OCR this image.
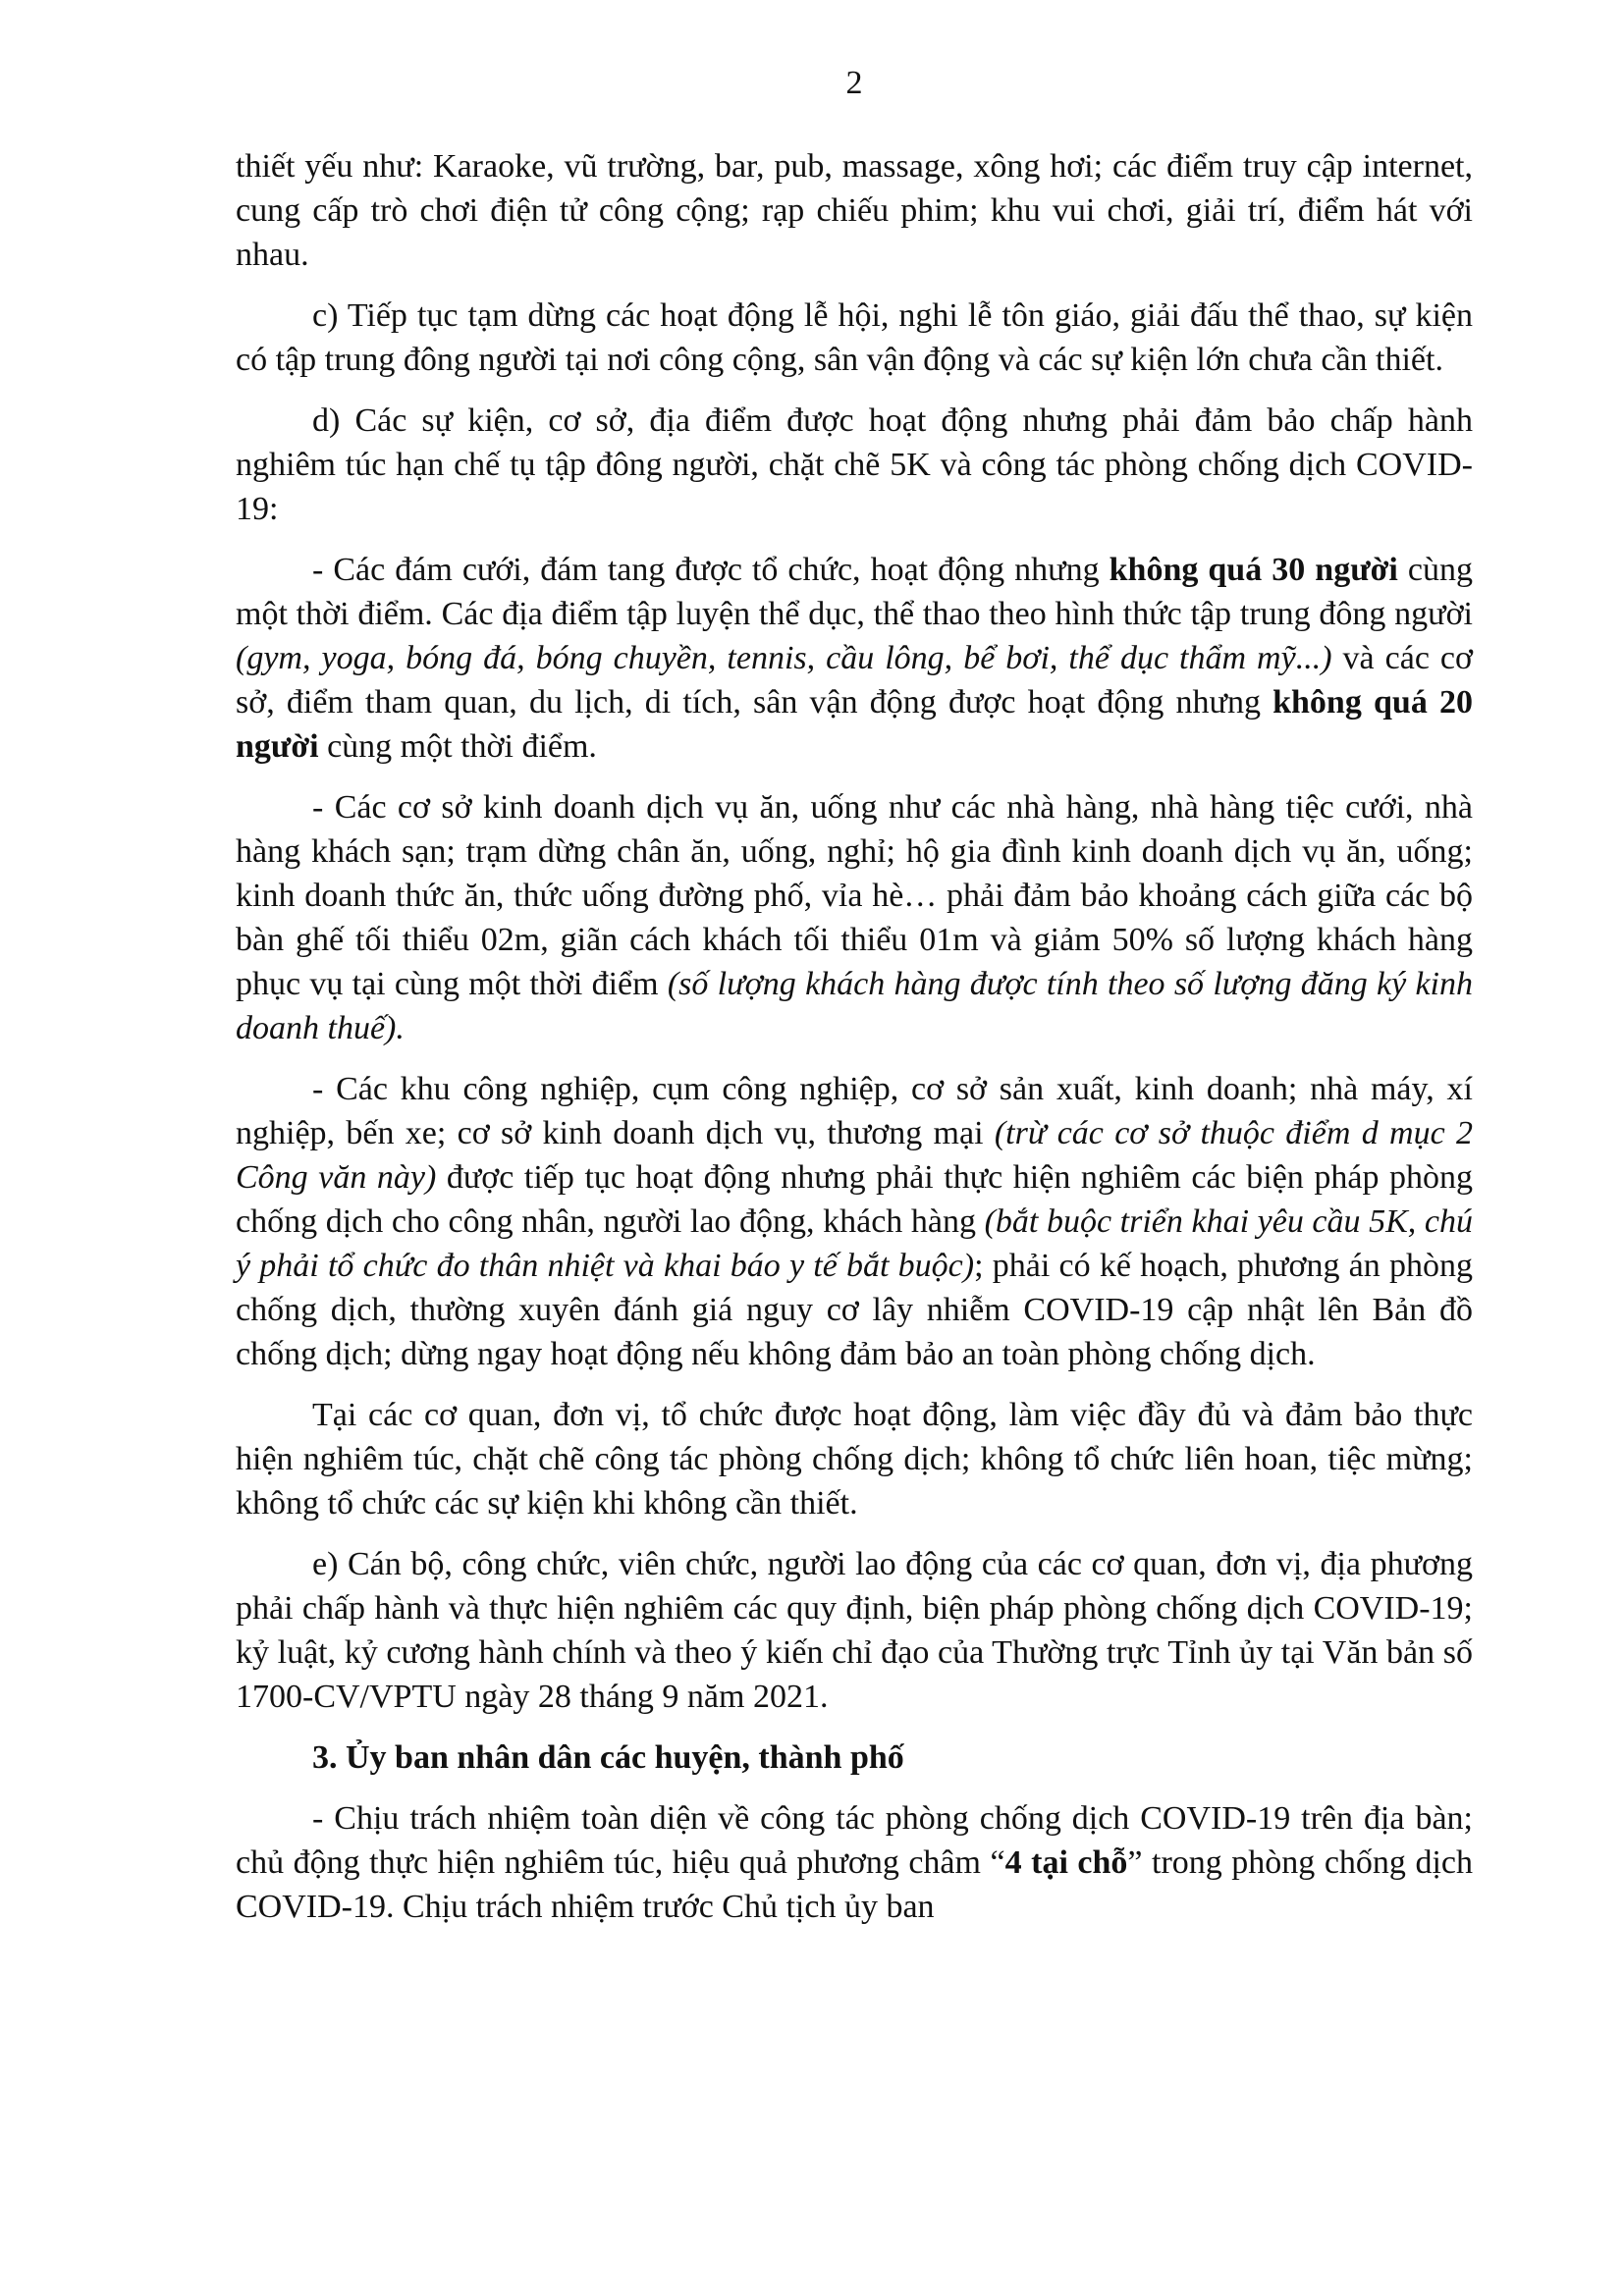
2

thiết yếu như: Karaoke, vũ trường, bar, pub, massage, xông hơi; các điểm truy cập internet, cung cấp trò chơi điện tử công cộng; rạp chiếu phim; khu vui chơi, giải trí, điểm hát với nhau.

c) Tiếp tục tạm dừng các hoạt động lễ hội, nghi lễ tôn giáo, giải đấu thể thao, sự kiện có tập trung đông người tại nơi công cộng, sân vận động và các sự kiện lớn chưa cần thiết.

d) Các sự kiện, cơ sở, địa điểm được hoạt động nhưng phải đảm bảo chấp hành nghiêm túc hạn chế tụ tập đông người, chặt chẽ 5K và công tác phòng chống dịch COVID-19:

- Các đám cưới, đám tang được tổ chức, hoạt động nhưng không quá 30 người cùng một thời điểm. Các địa điểm tập luyện thể dục, thể thao theo hình thức tập trung đông người (gym, yoga, bóng đá, bóng chuyền, tennis, cầu lông, bể bơi, thể dục thẩm mỹ...) và các cơ sở, điểm tham quan, du lịch, di tích, sân vận động được hoạt động nhưng không quá 20 người cùng một thời điểm.

- Các cơ sở kinh doanh dịch vụ ăn, uống như các nhà hàng, nhà hàng tiệc cưới, nhà hàng khách sạn; trạm dừng chân ăn, uống, nghỉ; hộ gia đình kinh doanh dịch vụ ăn, uống; kinh doanh thức ăn, thức uống đường phố, vỉa hè… phải đảm bảo khoảng cách giữa các bộ bàn ghế tối thiểu 02m, giãn cách khách tối thiểu 01m và giảm 50% số lượng khách hàng phục vụ tại cùng một thời điểm (số lượng khách hàng được tính theo số lượng đăng ký kinh doanh thuế).

- Các khu công nghiệp, cụm công nghiệp, cơ sở sản xuất, kinh doanh; nhà máy, xí nghiệp, bến xe; cơ sở kinh doanh dịch vụ, thương mại (trừ các cơ sở thuộc điểm d mục 2 Công văn này) được tiếp tục hoạt động nhưng phải thực hiện nghiêm các biện pháp phòng chống dịch cho công nhân, người lao động, khách hàng (bắt buộc triển khai yêu cầu 5K, chú ý phải tổ chức đo thân nhiệt và khai báo y tế bắt buộc); phải có kế hoạch, phương án phòng chống dịch, thường xuyên đánh giá nguy cơ lây nhiễm COVID-19 cập nhật lên Bản đồ chống dịch; dừng ngay hoạt động nếu không đảm bảo an toàn phòng chống dịch.

Tại các cơ quan, đơn vị, tổ chức được hoạt động, làm việc đầy đủ và đảm bảo thực hiện nghiêm túc, chặt chẽ công tác phòng chống dịch; không tổ chức liên hoan, tiệc mừng; không tổ chức các sự kiện khi không cần thiết.

e) Cán bộ, công chức, viên chức, người lao động của các cơ quan, đơn vị, địa phương phải chấp hành và thực hiện nghiêm các quy định, biện pháp phòng chống dịch COVID-19; kỷ luật, kỷ cương hành chính và theo ý kiến chỉ đạo của Thường trực Tỉnh ủy tại Văn bản số 1700-CV/VPTU ngày 28 tháng 9 năm 2021.

3. Ủy ban nhân dân các huyện, thành phố

- Chịu trách nhiệm toàn diện về công tác phòng chống dịch COVID-19 trên địa bàn; chủ động thực hiện nghiêm túc, hiệu quả phương châm “4 tại chỗ” trong phòng chống dịch COVID-19. Chịu trách nhiệm trước Chủ tịch ủy ban
